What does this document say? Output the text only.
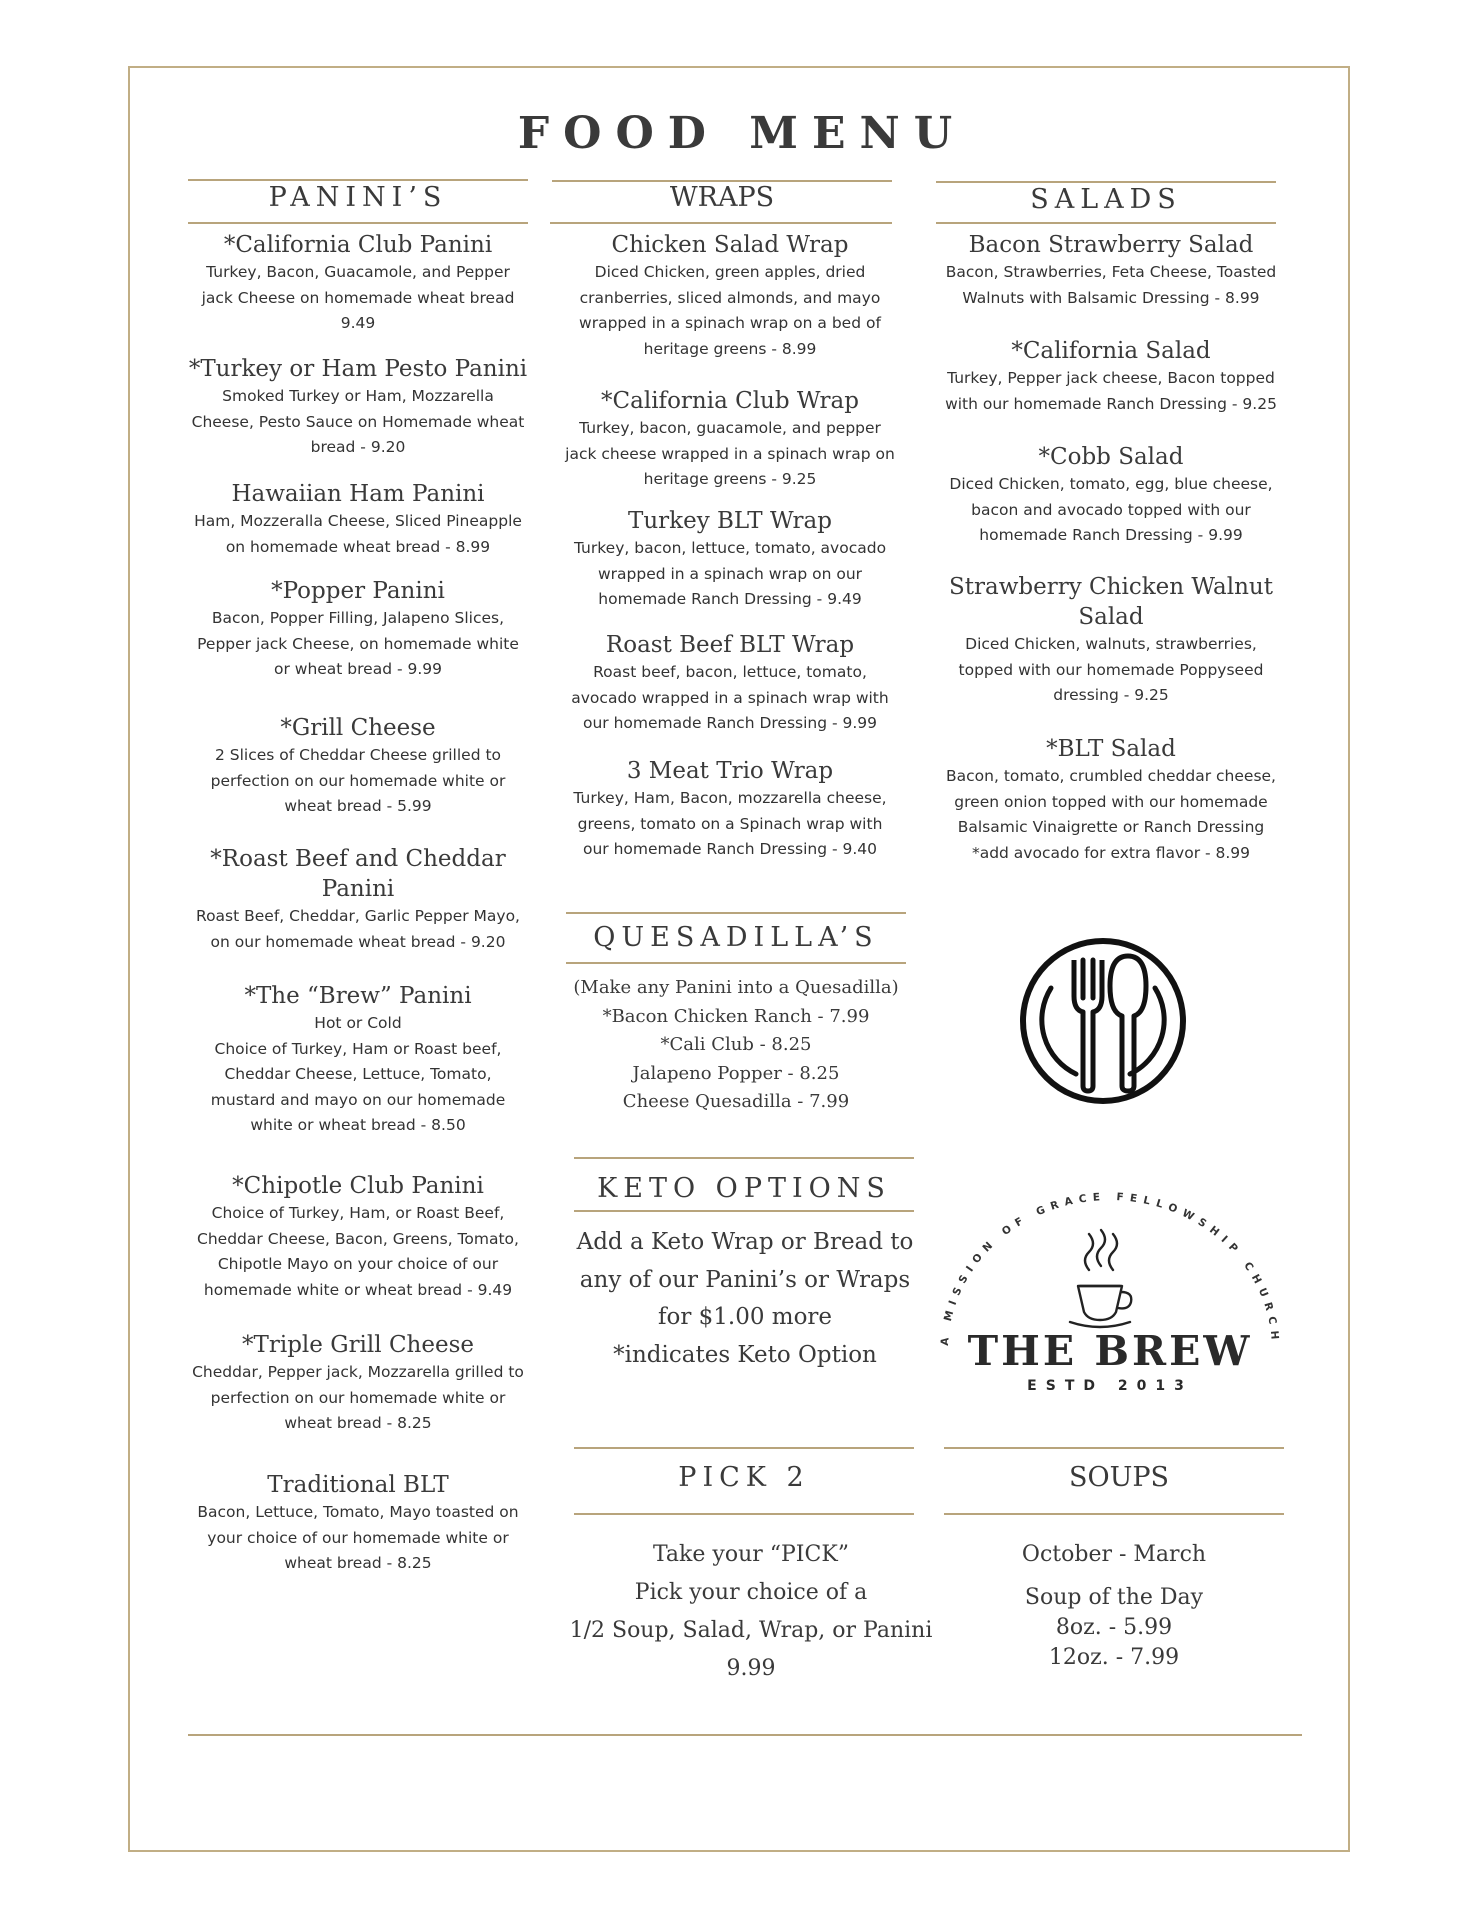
FOOD MENU
PANINI’S
*California Club Panini
Turkey, Bacon, Guacamole, and Pepper
jack Cheese on homemade wheat bread
9.49
*Turkey or Ham Pesto Panini
Smoked Turkey or Ham, Mozzarella
Cheese, Pesto Sauce on Homemade wheat
bread - 9.20
Hawaiian Ham Panini
Ham, Mozzeralla Cheese, Sliced Pineapple
on homemade wheat bread - 8.99
*Popper Panini
Bacon, Popper Filling, Jalapeno Slices,
Pepper jack Cheese, on homemade white
or wheat bread - 9.99
*Grill Cheese
2 Slices of Cheddar Cheese grilled to
perfection on our homemade white or
wheat bread - 5.99
*Roast Beef and Cheddar
Panini
Roast Beef, Cheddar, Garlic Pepper Mayo,
on our homemade wheat bread - 9.20
*The “Brew” Panini
Hot or Cold
Choice of Turkey, Ham or Roast beef,
Cheddar Cheese, Lettuce, Tomato,
mustard and mayo on our homemade
white or wheat bread - 8.50
*Chipotle Club Panini
Choice of Turkey, Ham, or Roast Beef,
Cheddar Cheese, Bacon, Greens, Tomato,
Chipotle Mayo on your choice of our
homemade white or wheat bread - 9.49
*Triple Grill Cheese
Cheddar, Pepper jack, Mozzarella grilled to
perfection on our homemade white or
wheat bread - 8.25
Traditional BLT
Bacon, Lettuce, Tomato, Mayo toasted on
your choice of our homemade white or
wheat bread - 8.25
WRAPS
Chicken Salad Wrap
Diced Chicken, green apples, dried
cranberries, sliced almonds, and mayo
wrapped in a spinach wrap on a bed of
heritage greens - 8.99
*California Club Wrap
Turkey, bacon, guacamole, and pepper
jack cheese wrapped in a spinach wrap on
heritage greens - 9.25
Turkey BLT Wrap
Turkey, bacon, lettuce, tomato, avocado
wrapped in a spinach wrap on our
homemade Ranch Dressing - 9.49
Roast Beef BLT Wrap
Roast beef, bacon, lettuce, tomato,
avocado wrapped in a spinach wrap with
our homemade Ranch Dressing - 9.99
3 Meat Trio Wrap
Turkey, Ham, Bacon, mozzarella cheese,
greens, tomato on a Spinach wrap with
our homemade Ranch Dressing - 9.40
SALADS
Bacon Strawberry Salad
Bacon, Strawberries, Feta Cheese, Toasted
Walnuts with Balsamic Dressing - 8.99
*California Salad
Turkey, Pepper jack cheese, Bacon topped
with our homemade Ranch Dressing - 9.25
*Cobb Salad
Diced Chicken, tomato, egg, blue cheese,
bacon and avocado topped with our
homemade Ranch Dressing - 9.99
Strawberry Chicken Walnut
Salad
Diced Chicken, walnuts, strawberries,
topped with our homemade Poppyseed
dressing - 9.25
*BLT Salad
Bacon, tomato, crumbled cheddar cheese,
green onion topped with our homemade
Balsamic Vinaigrette or Ranch Dressing
*add avocado for extra flavor - 8.99
QUESADILLA’S
(Make any Panini into a Quesadilla)
*Bacon Chicken Ranch - 7.99
*Cali Club - 8.25
Jalapeno Popper - 8.25
Cheese Quesadilla - 7.99
KETO OPTIONS
Add a Keto Wrap or Bread to
any of our Panini’s or Wraps
for $1.00 more
*indicates Keto Option
A MISSION OF GRACE FELLOWSHIP CHURCH
THE BREW
ESTD 2013
PICK 2
Take your “PICK”
Pick your choice of a
1/2 Soup, Salad, Wrap, or Panini
9.99
SOUPS
October - March
Soup of the Day
8oz. - 5.99
12oz. - 7.99
